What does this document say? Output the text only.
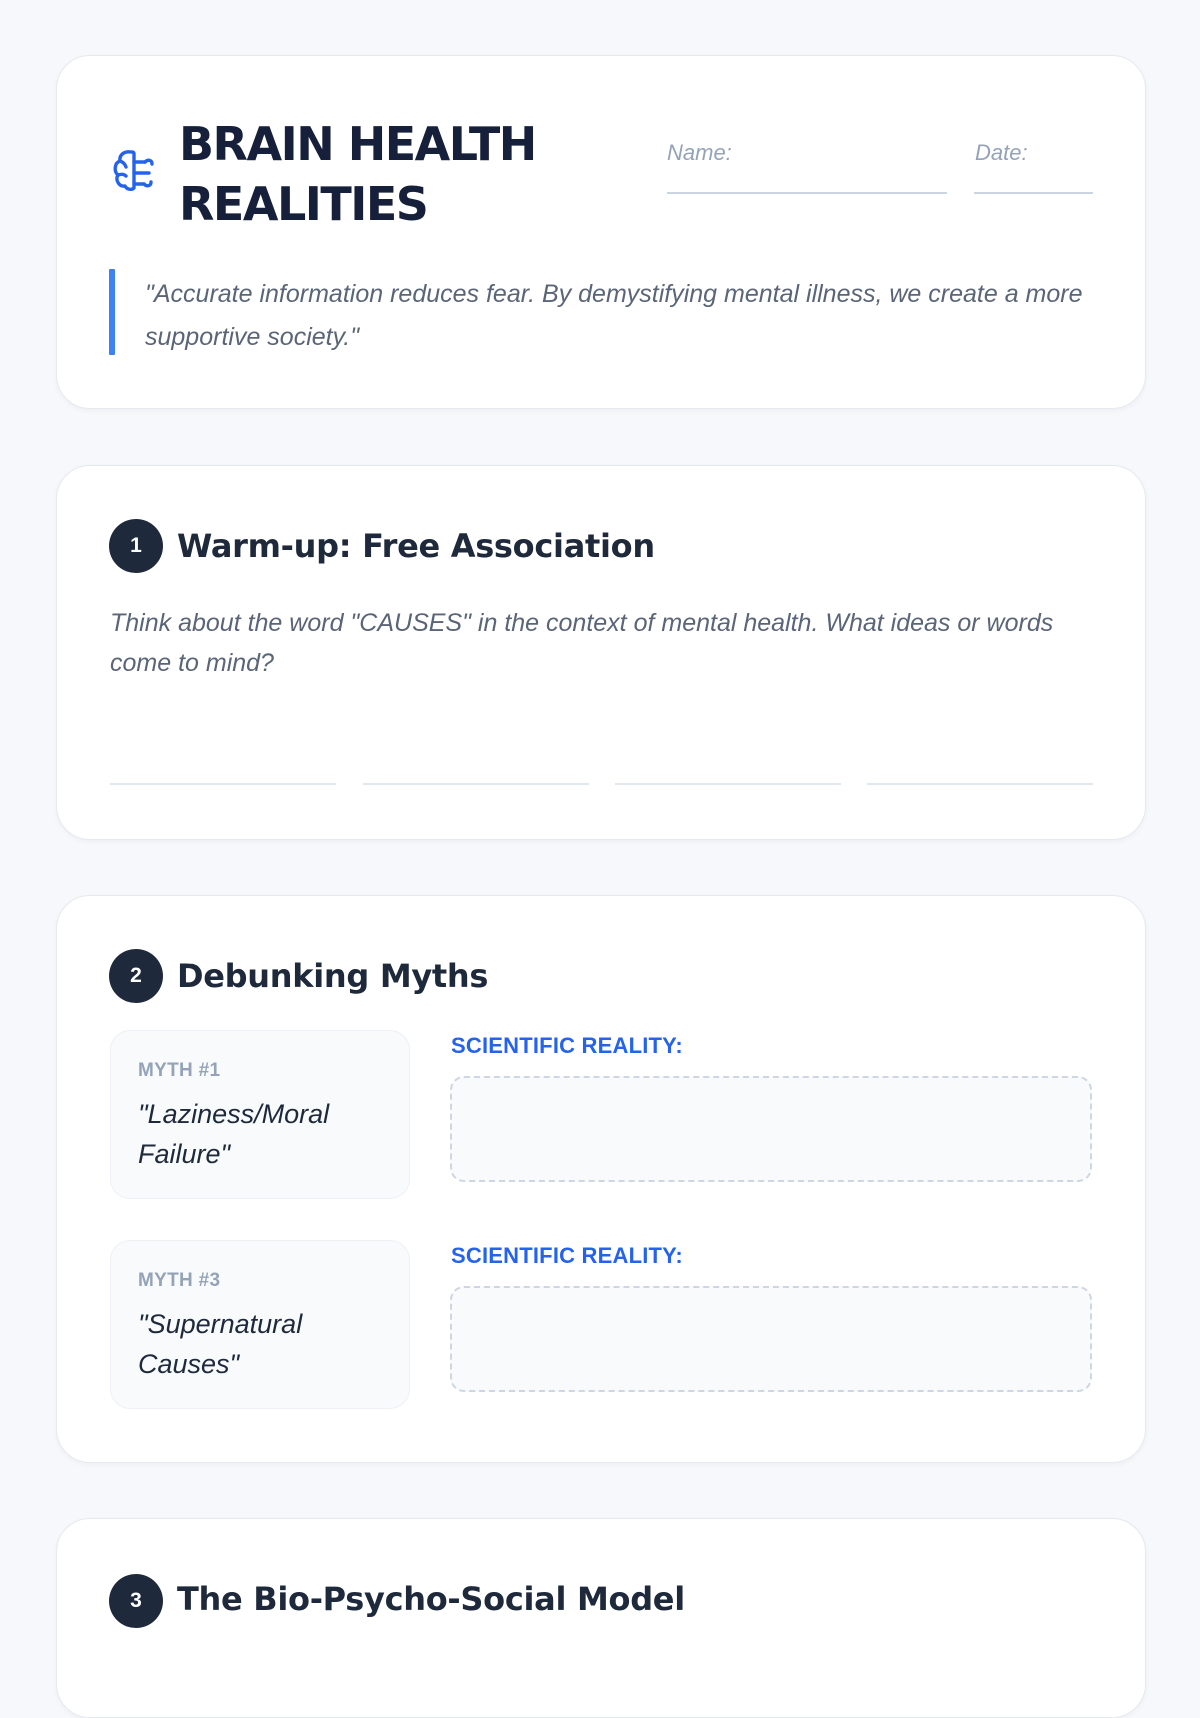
BRAIN HEALTH
REALITIES
Name:	Date:
"Accurate information reduces fear. By demystifying mental illness, we create a more supportive society."
1	Warm-up: Free Association
Think about the word "CAUSES" in the context of mental health. What ideas or words come to mind?
2	Debunking Myths
MYTH #1
"Laziness/Moral Failure"
SCIENTIFIC REALITY:
MYTH #3
"Supernatural Causes"
SCIENTIFIC REALITY:
3	The Bio-Psycho-Social Model
